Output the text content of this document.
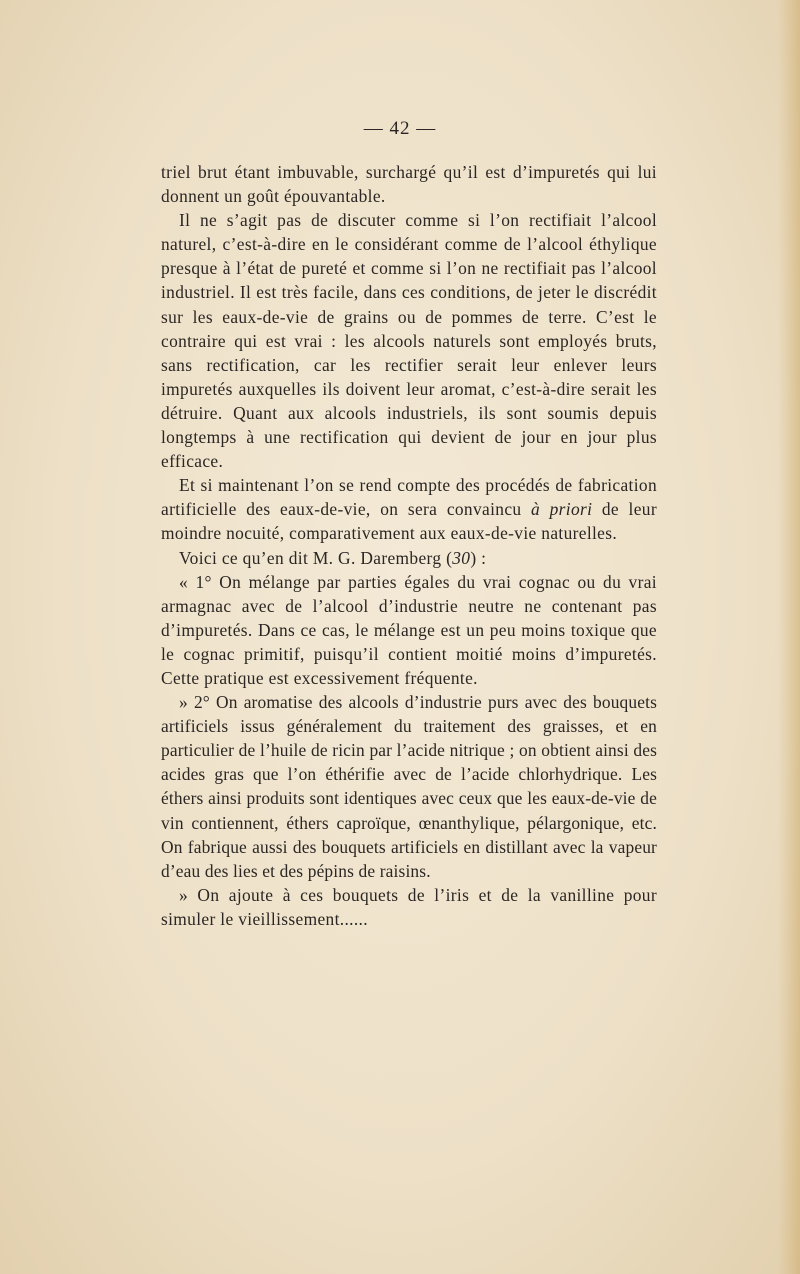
— 42 —

triel brut étant imbuvable, surchargé qu’il est d’impuretés qui lui donnent un goût épouvantable.

Il ne s’agit pas de discuter comme si l’on rectifiait l’alcool naturel, c’est-à-dire en le considérant comme de l’alcool éthylique presque à l’état de pureté et comme si l’on ne rectifiait pas l’alcool industriel. Il est très facile, dans ces conditions, de jeter le discrédit sur les eaux-de-vie de grains ou de pommes de terre. C’est le contraire qui est vrai : les alcools naturels sont employés bruts, sans rectification, car les rectifier serait leur enlever leurs impuretés auxquelles ils doivent leur aromat, c’est-à-dire serait les détruire. Quant aux alcools industriels, ils sont soumis depuis longtemps à une rectification qui devient de jour en jour plus efficace.

Et si maintenant l’on se rend compte des procédés de fabrication artificielle des eaux-de-vie, on sera convaincu à priori de leur moindre nocuité, comparativement aux eaux-de-vie naturelles.

Voici ce qu’en dit M. G. Daremberg (30) :

« 1° On mélange par parties égales du vrai cognac ou du vrai armagnac avec de l’alcool d’industrie neutre ne contenant pas d’impuretés. Dans ce cas, le mélange est un peu moins toxique que le cognac primitif, puisqu’il contient moitié moins d’impuretés. Cette pratique est excessivement fréquente.

» 2° On aromatise des alcools d’industrie purs avec des bouquets artificiels issus généralement du traitement des graisses, et en particulier de l’huile de ricin par l’acide nitrique ; on obtient ainsi des acides gras que l’on éthérifie avec de l’acide chlorhydrique. Les éthers ainsi produits sont identiques avec ceux que les eaux-de-vie de vin contiennent, éthers caproïque, œnanthylique, pélargonique, etc. On fabrique aussi des bouquets artificiels en distillant avec la vapeur d’eau des lies et des pépins de raisins.

» On ajoute à ces bouquets de l’iris et de la vanilline pour simuler le vieillissement......
